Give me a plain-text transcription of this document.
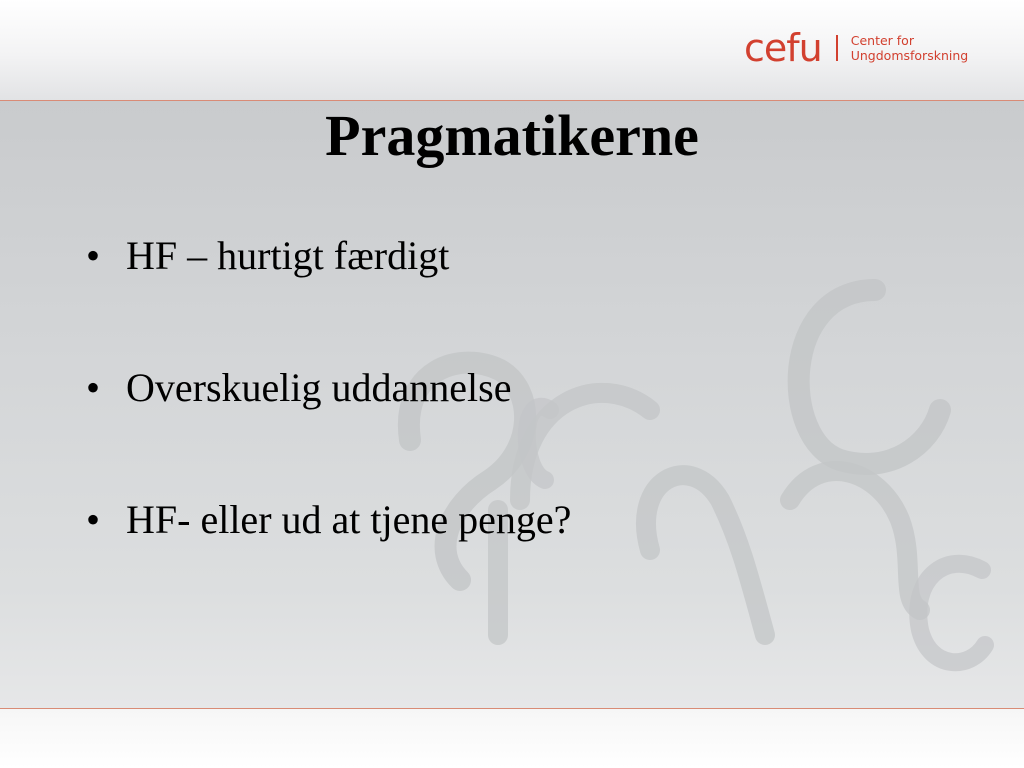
cefu Center for
Ungdomsforskning
Pragmatikerne
• HF – hurtigt færdigt
• Overskuelig uddannelse
• HF- eller ud at tjene penge?
